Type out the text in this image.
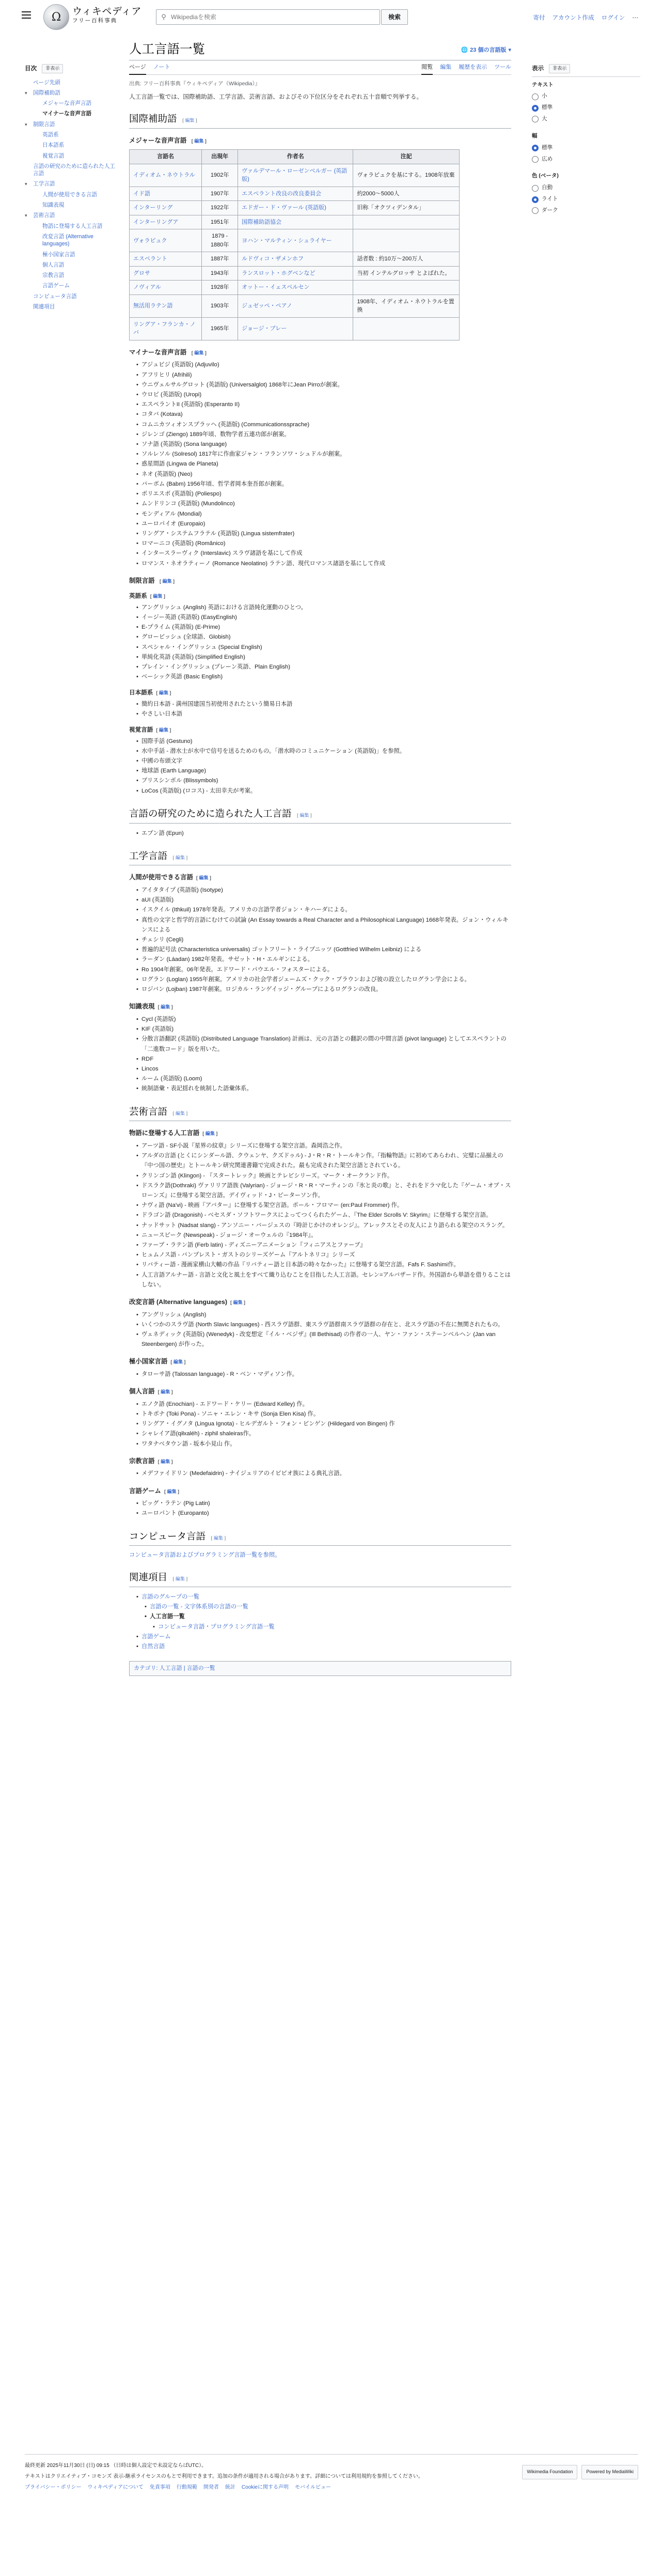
Ω	ウィキペディア
フリー百科事典	⚲
Wikipediaを検索	検索	寄付 アカウント作成 ログイン ⋯
目次	非表示
ページ先頭
▾	国際補助語
メジャーな音声言語
マイナーな音声言語
▾	制限言語
英語系
日本語系
視覚言語
言語の研究のために造られた人工言語
▾	工学言語
人間が使用できる言語
知識表現
▾	芸術言語
物語に登場する人工言語
改変言語 (Alternative languages)
極小国家言語
個人言語
宗教言語
言語ゲーム
コンピュータ言語
関連項目
人工言語一覧	🌐 23 個の言語版 ▾
ページ ノート	閲覧 編集 履歴を表示 ツール
出典: フリー百科事典『ウィキペディア（Wikipedia）』

人工言語一覧では、国際補助語、工学言語、芸術言語、およびその下位区分をそれぞれ五十音順で列挙する。

国際補助語 [ 編集 ]
メジャーな音声言語 [ 編集 ]
言語名	出現年	作者名	注記
イディオム・ネウトラル	1902年	ヴァルデマール・ローゼンベルガー (英語版)	ヴォラピュクを基にする。1908年放棄
イド語	1907年	エスペラント改良の改良委員会	約2000〜5000人
インターリング	1922年	エドガー・ド・ヴァール (英語版)	旧称「オクツィデンタル」
インターリングア	1951年	国際補助語協会	
ヴォラピュク	1879 - 1880年	ヨハン・マルティン・シュライヤー	
エスペラント	1887年	ルドヴィコ・ザメンホフ	話者数 : 約10万〜200万人
グロサ	1943年	ランスロット・ホグベンなど	当初 インテルグロッサ とよばれた。
ノヴィアル	1928年	オットー・イェスペルセン	
無活用ラテン語	1903年	ジュゼッペ・ペアノ	1908年、イディオム・ネウトラルを置換
リングア・フランカ・ノバ	1965年	ジョージ・ブレー	
マイナーな音声言語 [ 編集 ]
• アジュビジ (英語版) (Adjuvilo)
• アフリヒリ (Afrihili)
• ウニヴェルサルグロット (英語版) (Universalglot) 1868年にJean Pirroが創案。
• ウロピ (英語版) (Uropi)
• エスペラントII (英語版) (Esperanto II)
• コタバ (Kotava)
• コムニカツィオンスプラッヘ (英語版) (Communicationssprache)
• ジレンゴ (Ziengo) 1889年頃、数物学者五連功郎が創案。
• ソナ語 (英語版) (Sona language)
• ソルレソル (Solresol) 1817年に作曲家ジャン・フランソワ・シュドルが創案。
• 惑星間語 (Lingwa de Planeta)
• ネオ (英語版) (Neo)
• バーボム (Babm) 1956年頃、哲学者岡本奎吾郎が創案。
• ポリエスポ (英語版) (Poliespo)
• ムンドリンコ (英語版) (Mundolinco)
• モンディアル (Mondial)
• ユーロパイオ (Europaio)
• リングア・システムフラテル (英語版) (Lingua sistemfrater)
• ロマーニコ (英語版) (Românico)
• インタースラーヴィク (Interslavic) スラヴ諸語を基にして作成
• ロマンス・ネオラティーノ (Romance Neolatino) ラテン語、現代ロマンス諸語を基にして作成
制限言語 [ 編集 ]
英語系 [ 編集 ]
• アングリッシュ (Anglish) 英語における言語純化運動のひとつ。
• イージー英語 (英語版) (EasyEnglish)
• E-プライム (英語版) (E-Prime)
• グロービッシュ (全球語、Globish)
• スペシャル・イングリッシュ (Special English)
• 単純化英語 (英語版) (Simplified English)
• プレイン・イングリッシュ (プレーン英語、Plain English)
• ベーシック英語 (Basic English)
日本語系 [ 編集 ]
• 簡約日本語 - 満州国建国当初使用されたという簡易日本語
• やさしい日本語
視覚言語 [ 編集 ]
• 国際手話 (Gestuno)
• 水中手話 - 潜水士が水中で信号を送るためのもの。「潜水時のコミュニケーション (英語版)」を参照。
• 中國の布頭文字
• 地球語 (Earth Language)
• ブリスシンボル (Blissymbols)
• LoCos (英語版) (ロコス) - 太田幸夫が考案。
言語の研究のために造られた人工言語 [ 編集 ]
• エプン語 (Epun)
工学言語 [ 編集 ]
人間が使用できる言語 [ 編集 ]
• アイタタイプ (英語版) (Isotype)
• aUI (英語版)
• イスクイル (Ithkuil) 1978年発表。アメリカの言語学者ジョン・キハーダによる。
• 真性の文字と哲学的言語にむけての試論 (An Essay towards a Real Character and a Philosophical Language) 1668年発表。ジョン・ウィルキンスによる
• チェシリ (Cegli)
• 普遍的記号法 (Characteristica universalis) ゴットフリート・ライプニッツ (Gottfried Wilhelm Leibniz) による
• ラーダン (Láadan) 1982年発表。サゼット・H・エルギンによる。
• Ro 1904年創案。06年発表。エドワード・パウエル・フォスターによる。
• ログラン (Loglan) 1955年創案。アメリカの社会学者ジェームズ・クック・ブラウンおよび彼の設立したログラン学会による。
• ロジバン (Lojban) 1987年創案。ロジカル・ランゲイッジ・グループによるログランの改良。
知識表現 [ 編集 ]
• Cycl (英語版)
• KIF (英語版)
• 分散言語翻訳 (英語版) (Distributed Language Translation) 計画は、元の言語との翻訳の間の中間言語 (pivot language) としてエスペラントの「二進数コード」版を用いた。
• RDF
• Lincos
• ルーム (英語版) (Loom)
• 統制語彙・表記揺れを統制した語彙体系。
芸術言語 [ 編集 ]
物語に登場する人工言語 [ 編集 ]
• アーツ語 - SF小説『星界の紋章』シリーズに登場する架空言語。森岡浩之作。
• アルダの言語 (とくにシンダール語、クウェンヤ、クズドゥル) - J・R・R・トールキン作。『指輪物語』に初めてあらわれ、完璧に品揃えの『中つ国の歴史』とトールキン研究関連書籍で完成された。最も完成された架空言語とされている。
• クリンゴン語 (Klingon) - 『スタートレック』映画とテレビシリーズ。マーク・オークランド作。
• ドスラク語(Dothraki) ヴァリリア語族 (Valyrian) - ジョージ・R・R・マーティンの『氷と炎の歌』と、それをドラマ化した『ゲーム・オブ・スローンズ』に登場する架空言語。デイヴィッド・J・ピーターソン作。
• ナヴィ語 (Na'vi) - 映画『アバター』に登場する架空言語。ポール・フロマー (en:Paul Frommer) 作。
• ドラゴン語 (Dragonish) - ベセスダ・ソフトワークスによってつくられたゲーム、『The Elder Scrolls V: Skyrim』に登場する架空言語。
• ナッドサット (Nadsat slang) - アンソニー・バージェスの『時計じかけのオレンジ』。アレックスとその友人により語られる架空のスラング。
• ニュースピーク (Newspeak) - ジョージ・オーウェルの『1984年』。
• ファーブ・ラテン語 (Ferb latin) - ディズニーアニメーション『フィニアスとファーブ』
• ヒュムノス語 - バンプレスト・ガストのシリーズゲーム『アルトネリコ』シリーズ
• リバティー語 - 漫画家横山大輔の作品『リバティー語と日本語の時々なかった』に登場する架空言語。Fafs F. Sashimi作。
• 人工言語アルナー語 - 言語と文化と風土をすべて織り込むことを目指した人工言語。セレン=アルバザード作。外国語から単語を借りることはしない。
改変言語 (Alternative languages) [ 編集 ]
• アングリッシュ (Anglish)
• いくつかのスラヴ語 (North Slavic languages) - 西スラヴ語群、東スラヴ語群南スラヴ語群の存在と、北スラヴ語の不在に無関されたもの。
• ヴェネディック (英語版) (Wenedyk) - 改変想定『イル・ベジザ』(Ill Bethisad) の作者の一人、ヤン・ファン・ステーンベルヘン (Jan van Steenbergen) が作った。
極小国家言語 [ 編集 ]
• タローサ語 (Talossan language) - R・ベン・マディソン作。
個人言語 [ 編集 ]
• エノク語 (Enochian) - エドワード・ケリー (Edward Kelley) 作。
• トキポナ (Toki Pona) - ソニャ・エレン・キサ (Sonja Elen Kisa) 作。
• リングア・イグノタ (Lingua Ignota) - ヒルデガルト・フォン・ビンゲン (Hildegard von Bingen) 作
• シャレイア語(qiłxaléh) - ziphil shaleiras作。
• ワタナベタウン語 - 坂本小見山 作。
宗教言語 [ 編集 ]
• メデファイドリン (Medefaidrin) - ナイジェリアのイビビオ族による典礼言語。
言語ゲーム [ 編集 ]
• ピッグ・ラテン (Pig Latin)
• ユーロパント (Europanto)
コンピュータ言語 [ 編集 ]

コンピュータ言語およびプログラミング言語一覧を参照。

関連項目 [ 編集 ]
• 言語のグループの一覧
• 言語の一覧 - 文字体系別の言語の一覧
• 人工言語一覧
• コンピュータ言語・プログラミング言語一覧
• 言語ゲーム
• 自然言語
カテゴリ: 人工言語 | 言語の一覧
表示	非表示
テキスト
小
標準
大
幅
標準
広め
色 (ベータ)
自動
ライト
ダーク

最終更新 2025年11月30日 (日) 09:15 （日時は個人設定で未設定ならばUTC）。

テキストはクリエイティブ・コモンズ 表示-継承ライセンスのもとで利用できます。追加の条件が適用される場合があります。詳細については利用規約を参照してください。

プライバシー・ポリシー ウィキペディアについて 免責事項 行動規範 開発者 統計 Cookieに関する声明 モバイルビュー
Wikimedia Foundation	Powered by MediaWiki
